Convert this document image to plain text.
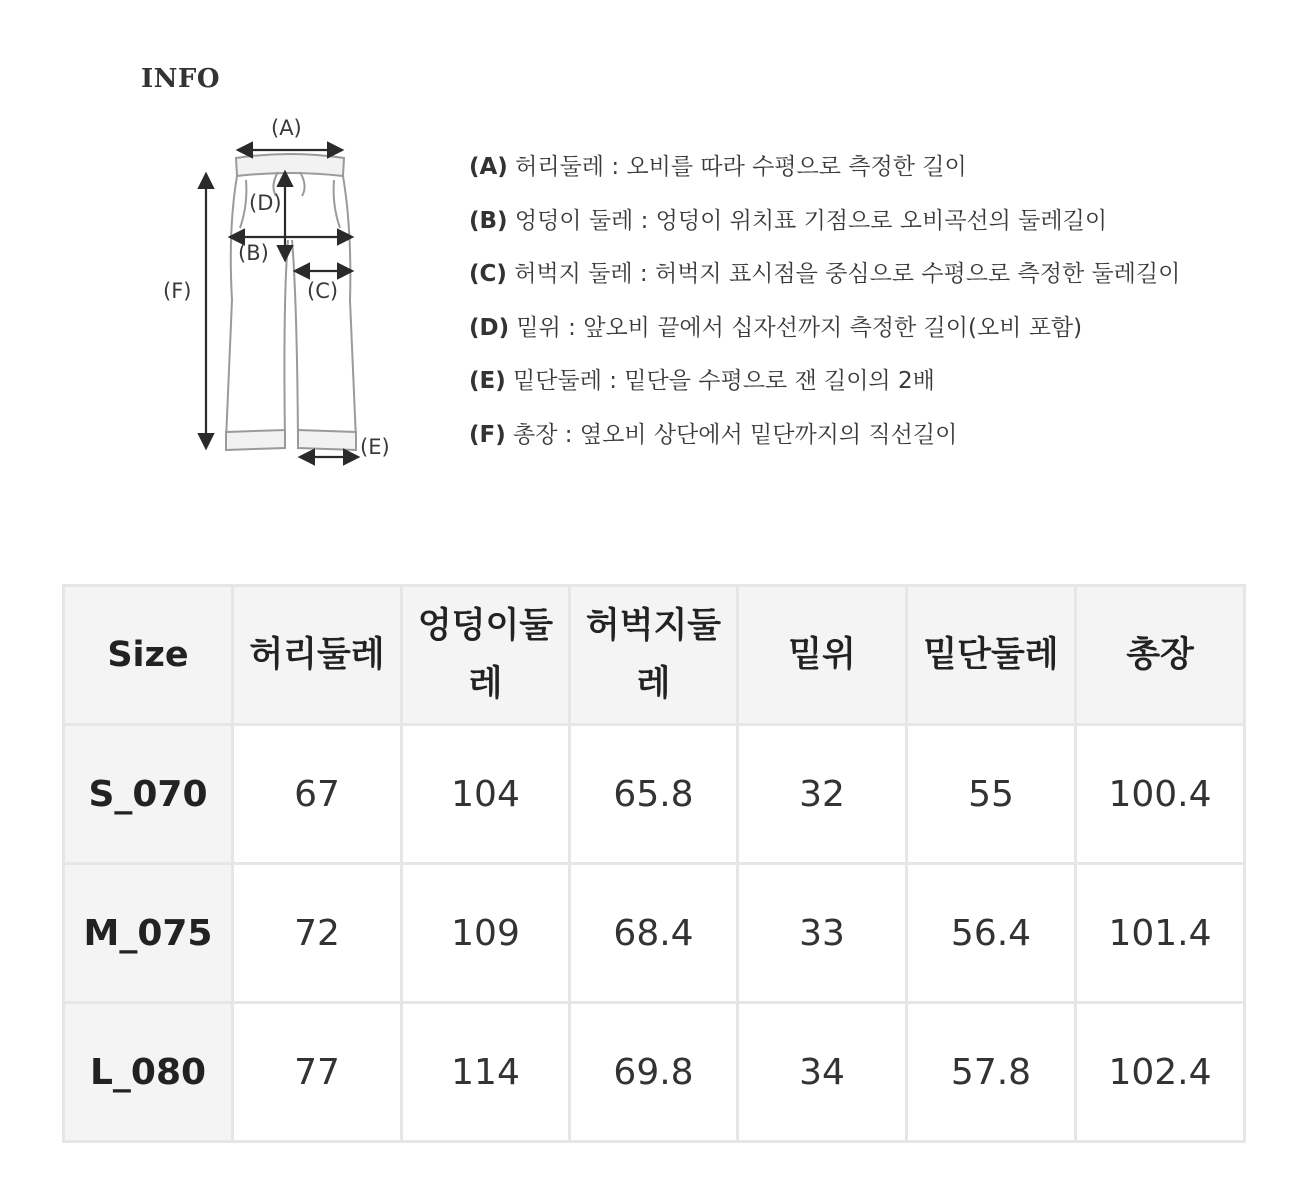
INFO
(A)
(D)
(B)
(C)
(F)
(E)
(A) 허리둘레 : 오비를 따라 수평으로 측정한 길이
(B) 엉덩이 둘레 : 엉덩이 위치표 기점으로 오비곡선의 둘레길이
(C) 허벅지 둘레 : 허벅지 표시점을 중심으로 수평으로 측정한 둘레길이
(D) 밑위 : 앞오비 끝에서 십자선까지 측정한 길이(오비 포함)
(E) 밑단둘레 : 밑단을 수평으로 잰 길이의 2배
(F) 총장 : 옆오비 상단에서 밑단까지의 직선길이
Size	허리둘레	엉덩이둘레	허벅지둘레	밑위	밑단둘레	총장
S_070	67	104	65.8	32	55	100.4
M_075	72	109	68.4	33	56.4	101.4
L_080	77	114	69.8	34	57.8	102.4
